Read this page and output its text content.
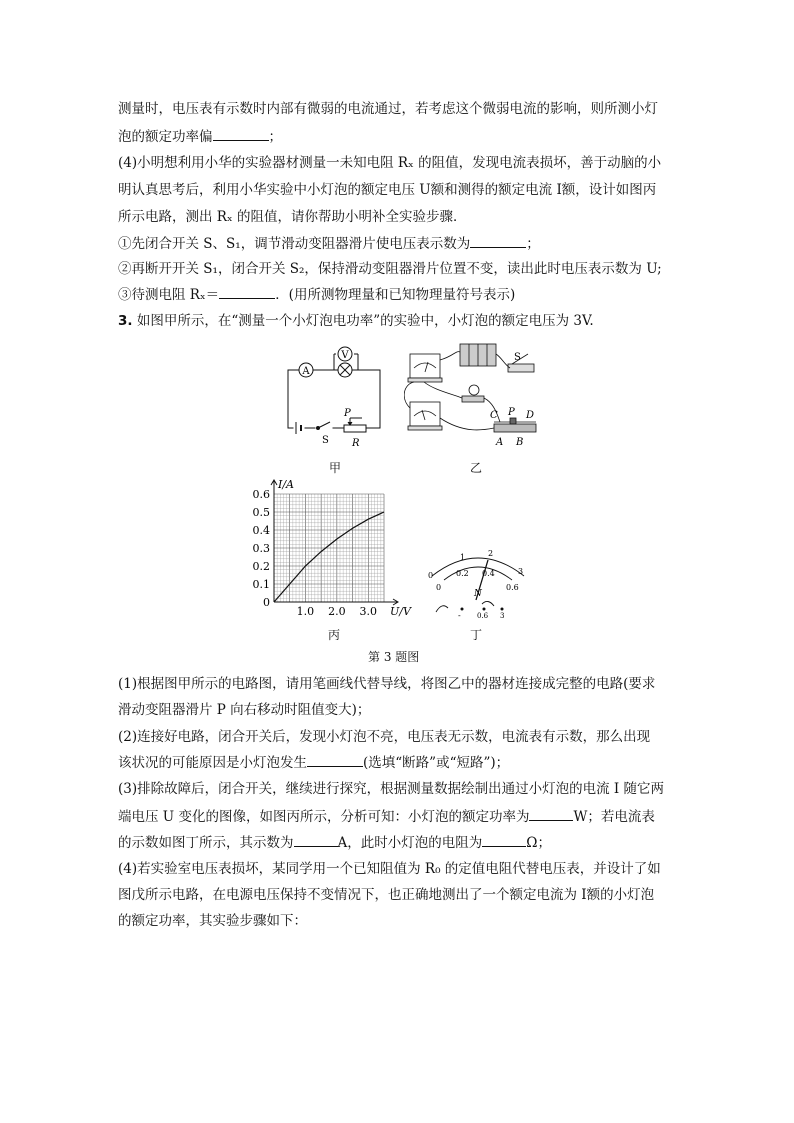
测量时，电压表有示数时内部有微弱的电流通过，若考虑这个微弱电流的影响，则所测小灯
泡的额定功率偏	；
(4)小明想利用小华的实验器材测量一未知电阻 Rₓ 的阻值，发现电流表损坏，善于动脑的小
明认真思考后，利用小华实验中小灯泡的额定电压 U额和测得的额定电流 I额，设计如图丙
所示电路，测出 Rₓ 的阻值，请你帮助小明补全实验步骤．
①先闭合开关 S、S₁，调节滑动变阻器滑片使电压表示数为	；
②再断开开关 S₁，闭合开关 S₂，保持滑动变阻器滑片位置不变，读出此时电压表示数为 U;
③待测电阻 Rₓ＝	．(用所测物理量和已知物理量符号表示)
3. 如图甲所示，在“测量一个小灯泡电功率”的实验中，小灯泡的额定电压为 3V.
V
A
S
P
R
甲
S
C P D
A B
乙
0
0.1
0.2
0.3
0.4
0.5
0.6
1.0 2.0 3.0
I/A
U/V
丙
0
0
0.2 0.4
0.6
1	2
3
N
- 0.6 3
丁
第 3 题图
(1)根据图甲所示的电路图，请用笔画线代替导线，将图乙中的器材连接成完整的电路(要求
滑动变阻器滑片 P 向右移动时阻值变大)；
(2)连接好电路，闭合开关后，发现小灯泡不亮，电压表无示数，电流表有示数，那么出现
该状况的可能原因是小灯泡发生	(选填“断路”或“短路”)；
(3)排除故障后，闭合开关，继续进行探究，根据测量数据绘制出通过小灯泡的电流 I 随它两
端电压 U 变化的图像，如图丙所示，分析可知：小灯泡的额定功率为	W；若电流表
的示数如图丁所示，其示数为	A，此时小灯泡的电阻为	Ω；
(4)若实验室电压表损坏，某同学用一个已知阻值为 R₀ 的定值电阻代替电压表，并设计了如
图戊所示电路，在电源电压保持不变情况下，也正确地测出了一个额定电流为 I额的小灯泡
的额定功率，其实验步骤如下：
